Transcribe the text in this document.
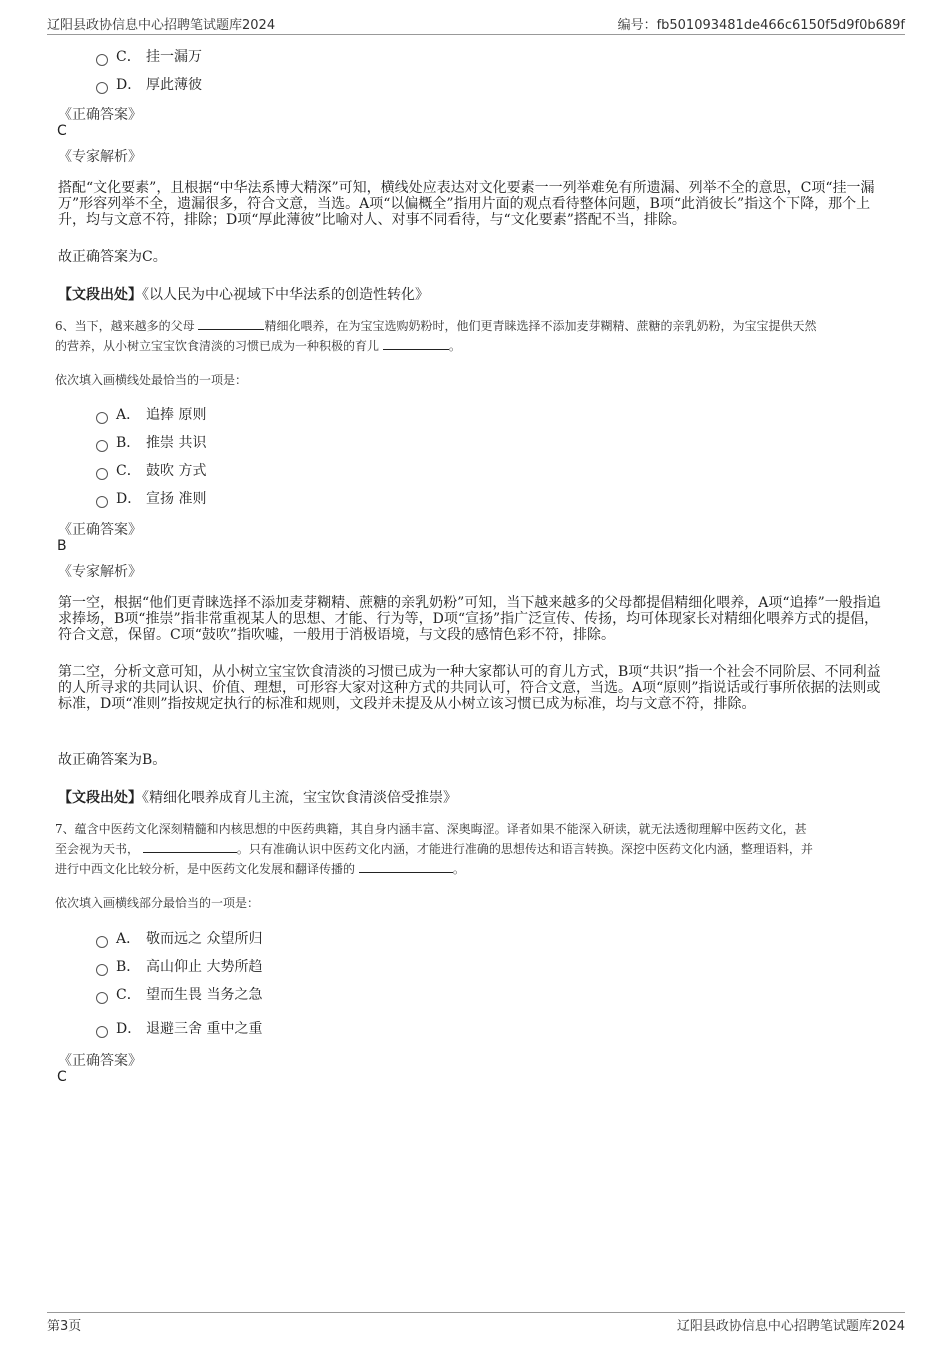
辽阳县政协信息中心招聘笔试题库2024	编号：fb501093481de466c6150f5d9f0b689f
C． 挂一漏万
D． 厚此薄彼
《正确答案》
C
《专家解析》
搭配“文化要素”，且根据“中华法系博大精深”可知，横线处应表达对文化要素一一列举难免有所遗漏、列举不全的意思，C项“挂一漏万”形容列举不全，遗漏很多，符合文意，当选。A项“以偏概全”指用片面的观点看待整体问题，B项“此消彼长”指这个下降，那个上升，均与文意不符，排除；D项“厚此薄彼”比喻对人、对事不同看待，与“文化要素”搭配不当，排除。
故正确答案为C。
【文段出处】《以人民为中心视域下中华法系的创造性转化》
6、当下，越来越多的父母	精细化喂养，在为宝宝选购奶粉时，他们更青睐选择不添加麦芽糊精、蔗糖的亲乳奶粉，为宝宝提供天然
的营养，从小树立宝宝饮食清淡的习惯已成为一种积极的育儿	。
依次填入画横线处最恰当的一项是：
A． 追捧 原则
B． 推崇 共识
C． 鼓吹 方式
D． 宣扬 准则
《正确答案》
B
《专家解析》
第一空，根据“他们更青睐选择不添加麦芽糊精、蔗糖的亲乳奶粉”可知，当下越来越多的父母都提倡精细化喂养，A项“追捧”一般指追求捧场，B项“推崇”指非常重视某人的思想、才能、行为等，D项“宣扬”指广泛宣传、传扬，均可体现家长对精细化喂养方式的提倡，符合文意，保留。C项“鼓吹”指吹嘘，一般用于消极语境，与文段的感情色彩不符，排除。
第二空，分析文意可知，从小树立宝宝饮食清淡的习惯已成为一种大家都认可的育儿方式，B项“共识”指一个社会不同阶层、不同利益的人所寻求的共同认识、价值、理想，可形容大家对这种方式的共同认可，符合文意，当选。A项“原则”指说话或行事所依据的法则或标准，D项“准则”指按规定执行的标准和规则，文段并未提及从小树立该习惯已成为标准，均与文意不符，排除。
故正确答案为B。
【文段出处】《精细化喂养成育儿主流，宝宝饮食清淡倍受推崇》
7、蕴含中医药文化深刻精髓和内核思想的中医药典籍，其自身内涵丰富、深奥晦涩。译者如果不能深入研读，就无法透彻理解中医药文化，甚
至会视为天书，	。只有准确认识中医药文化内涵，才能进行准确的思想传达和语言转换。深挖中医药文化内涵，整理语料，并
进行中西文化比较分析，是中医药文化发展和翻译传播的	。
依次填入画横线部分最恰当的一项是：
A． 敬而远之 众望所归
B． 高山仰止 大势所趋
C． 望而生畏 当务之急
D． 退避三舍 重中之重
《正确答案》
C
第3页	辽阳县政协信息中心招聘笔试题库2024
